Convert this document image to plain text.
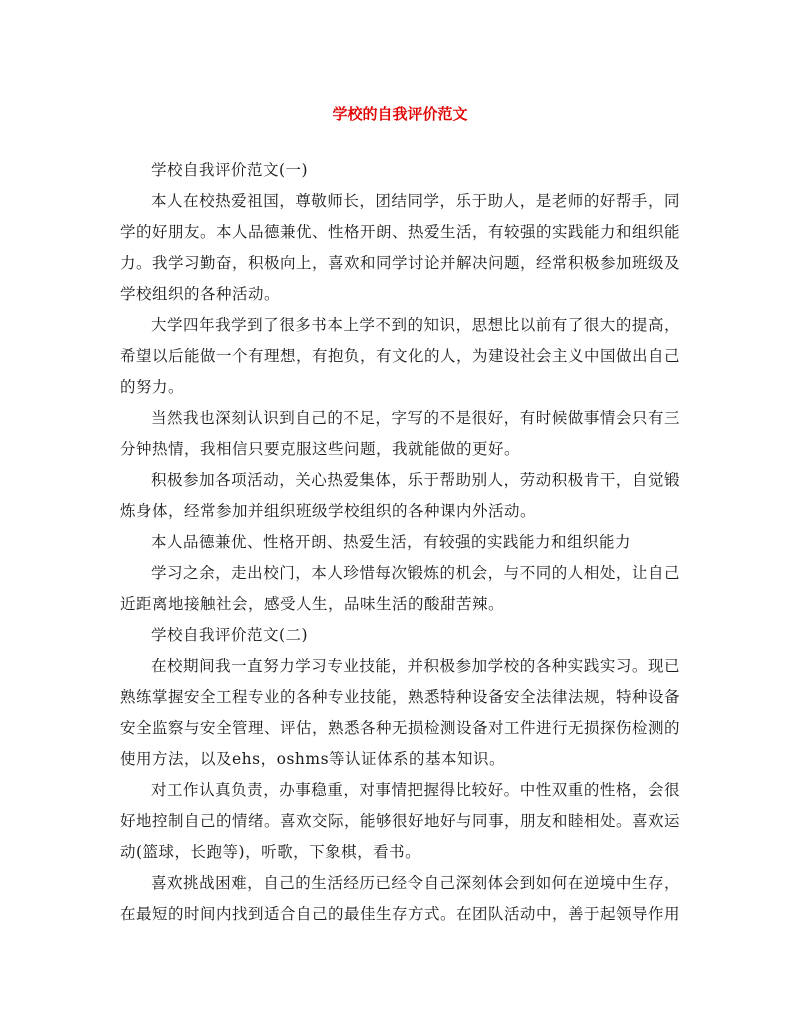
学校的自我评价范文

学校自我评价范文(一)

本人在校热爱祖国，尊敬师长，团结同学，乐于助人，是老师的好帮手，同学的好朋友。本人品德兼优、性格开朗、热爱生活，有较强的实践能力和组织能力。我学习勤奋，积极向上，喜欢和同学讨论并解决问题，经常积极参加班级及学校组织的各种活动。

大学四年我学到了很多书本上学不到的知识，思想比以前有了很大的提高，希望以后能做一个有理想，有抱负，有文化的人，为建设社会主义中国做出自己的努力。

当然我也深刻认识到自己的不足，字写的不是很好，有时候做事情会只有三分钟热情，我相信只要克服这些问题，我就能做的更好。

积极参加各项活动，关心热爱集体，乐于帮助别人，劳动积极肯干，自觉锻炼身体，经常参加并组织班级学校组织的各种课内外活动。

本人品德兼优、性格开朗、热爱生活，有较强的实践能力和组织能力

学习之余，走出校门，本人珍惜每次锻炼的机会，与不同的人相处，让自己近距离地接触社会，感受人生，品味生活的酸甜苦辣。

学校自我评价范文(二)

在校期间我一直努力学习专业技能，并积极参加学校的各种实践实习。现已熟练掌握安全工程专业的各种专业技能，熟悉特种设备安全法律法规，特种设备安全监察与安全管理、评估，熟悉各种无损检测设备对工件进行无损探伤检测的使用方法，以及ehs，oshms等认证体系的基本知识。

对工作认真负责，办事稳重，对事情把握得比较好。中性双重的性格，会很好地控制自己的情绪。喜欢交际，能够很好地好与同事，朋友和睦相处。喜欢运动(篮球，长跑等)，听歌，下象棋，看书。

喜欢挑战困难，自己的生活经历已经令自己深刻体会到如何在逆境中生存，在最短的时间内找到适合自己的最佳生存方式。在团队活动中，善于起领导作用
